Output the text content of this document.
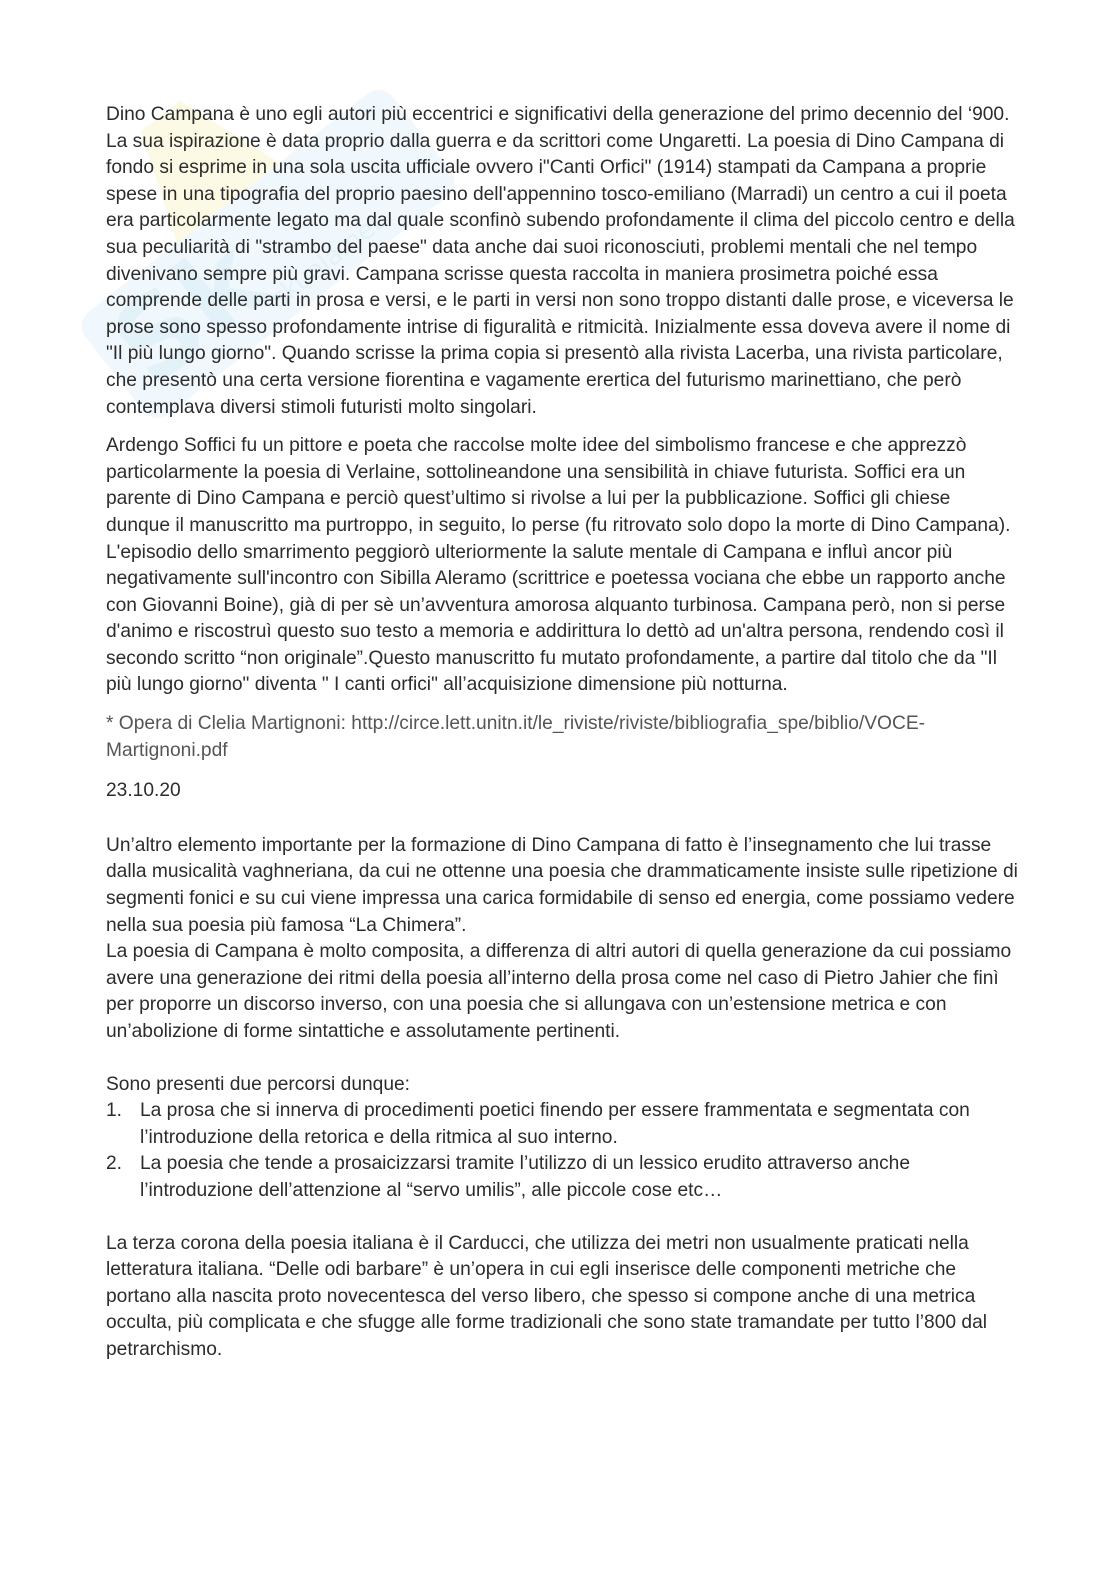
Sk
skuola.net

Dino Campana è uno egli autori più eccentrici e significativi della generazione del primo decennio del ‘900. La sua ispirazione è data proprio dalla guerra e da scrittori come Ungaretti. La poesia di Dino Campana di fondo si esprime in una sola uscita ufficiale ovvero i"Canti Orfici" (1914) stampati da Campana a proprie spese in una tipografia del proprio paesino dell'appennino tosco-emiliano (Marradi) un centro a cui il poeta era particolarmente legato ma dal quale sconfinò subendo profondamente il clima del piccolo centro e della sua peculiarità di "strambo del paese" data anche dai suoi riconosciuti, problemi mentali che nel tempo divenivano sempre più gravi. Campana scrisse questa raccolta in maniera prosimetra poiché essa comprende delle parti in prosa e versi, e le parti in versi non sono troppo distanti dalle prose, e viceversa le prose sono spesso profondamente intrise di figuralità e ritmicità. Inizialmente essa doveva avere il nome di "Il più lungo giorno". Quando scrisse la prima copia si presentò alla rivista Lacerba, una rivista particolare, che presentò una certa versione fiorentina e vagamente erertica del futurismo marinettiano, che però contemplava diversi stimoli futuristi molto singolari.

Ardengo Soffici fu un pittore e poeta che raccolse molte idee del simbolismo francese e che apprezzò particolarmente la poesia di Verlaine, sottolineandone una sensibilità in chiave futurista. Soffici era un parente di Dino Campana e perciò quest’ultimo si rivolse a lui per la pubblicazione. Soffici gli chiese dunque il manuscritto ma purtroppo, in seguito, lo perse (fu ritrovato solo dopo la morte di Dino Campana). L'episodio dello smarrimento peggiorò ulteriormente la salute mentale di Campana e influì ancor più negativamente sull'incontro con Sibilla Aleramo (scrittrice e poetessa vociana che ebbe un rapporto anche con Giovanni Boine), già di per sè un’avventura amorosa alquanto turbinosa. Campana però, non si perse d'animo e riscostruì questo suo testo a memoria e addirittura lo dettò ad un'altra persona, rendendo così il secondo scritto “non originale”.Questo manuscritto fu mutato profondamente, a partire dal titolo che da "Il più lungo giorno" diventa " I canti orfici" all’acquisizione dimensione più notturna.

* Opera di Clelia Martignoni: http://circe.lett.unitn.it/le_riviste/riviste/bibliografia_spe/biblio/VOCE-Martignoni.pdf

23.10.20

Un’altro elemento importante per la formazione di Dino Campana di fatto è l’insegnamento che lui trasse dalla musicalità vaghneriana, da cui ne ottenne una poesia che drammaticamente insiste sulle ripetizione di segmenti fonici e su cui viene impressa una carica formidabile di senso ed energia, come possiamo vedere nella sua poesia più famosa “La Chimera”.

La poesia di Campana è molto composita, a differenza di altri autori di quella generazione da cui possiamo avere una generazione dei ritmi della poesia all’interno della prosa come nel caso di Pietro Jahier che finì per proporre un discorso inverso, con una poesia che si allungava con un’estensione metrica e con un’abolizione di forme sintattiche e assolutamente pertinenti.

Sono presenti due percorsi dunque:

1. La prosa che si innerva di procedimenti poetici finendo per essere frammentata e segmentata con l’introduzione della retorica e della ritmica al suo interno.
2. La poesia che tende a prosaicizzarsi tramite l’utilizzo di un lessico erudito attraverso anche l’introduzione dell’attenzione al “servo umilis”, alle piccole cose etc…

La terza corona della poesia italiana è il Carducci, che utilizza dei metri non usualmente praticati nella letteratura italiana. “Delle odi barbare” è un’opera in cui egli inserisce delle componenti metriche che portano alla nascita proto novecentesca del verso libero, che spesso si compone anche di una metrica occulta, più complicata e che sfugge alle forme tradizionali che sono state tramandate per tutto l’800 dal petrarchismo.
